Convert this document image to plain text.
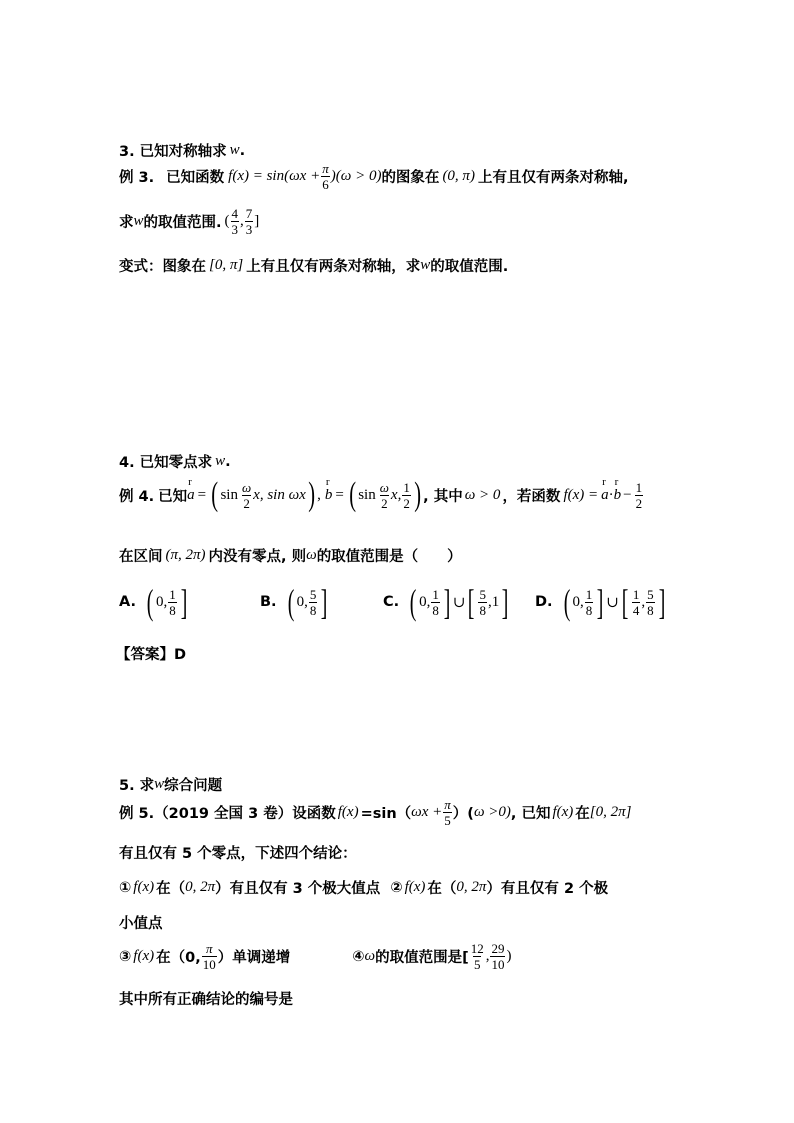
3. 已知对称轴求 w .
例 3. 已知函数 $f(x) = \sin(\omega x + \frac{\pi}{6} )(\omega > 0)$ 的图象在 (0, π) 上有且仅有两条对称轴,
求 w 的取值范围. ( $\frac{4}{3}$ , $\frac{7}{3}$ ]
变式：图象在 [0, π] 上有且仅有两条对称轴，求 w 的取值范围.
4. 已知零点求 w .
例 4. 已知 r a = ( $\sin \frac{\omega}{2} x$, sin ωx ) , r b = ( $\sin \frac{\omega}{2} x$, $\frac{1}{2}$ ) , 其中 ω > 0 ，若函数 f(x) = r a · r $b - \frac{1}{2}$
在区间 (π, 2π) 内没有零点, 则 ω 的取值范围是（　　）
A. ( 0, $\frac{1}{8}$ ]	B. ( 0, $\frac{5}{8}$ ]	C. ( 0, $\frac{1}{8}$ ] ∪ [ $\frac{5}{8} ,1$ ] D. ( 0, $\frac{1}{8}$ ] ∪ [ $\frac{1}{4}$ , $\frac{5}{8}$ ]
【答案】D
5. 求 w 综合问题
例 5. （2019 全国 3 卷）设函数 f(x) =sin（ $\omega x + \frac{\pi}{5}$ ）( ω >0) , 已知 f(x) 在 [0, 2π]
有且仅有 5 个零点，下述四个结论：
① f(x) 在（ 0, 2π ）有且仅有 3 个极大值点 ② f(x) 在（ 0, 2π ）有且仅有 2 个极
小值点
③ f(x) 在（0, $\frac{\pi}{10}$ ）单调递增	④ ω 的取值范围是[ $\frac{12}{5}$ , $\frac{29}{10}$ )
其中所有正确结论的编号是
